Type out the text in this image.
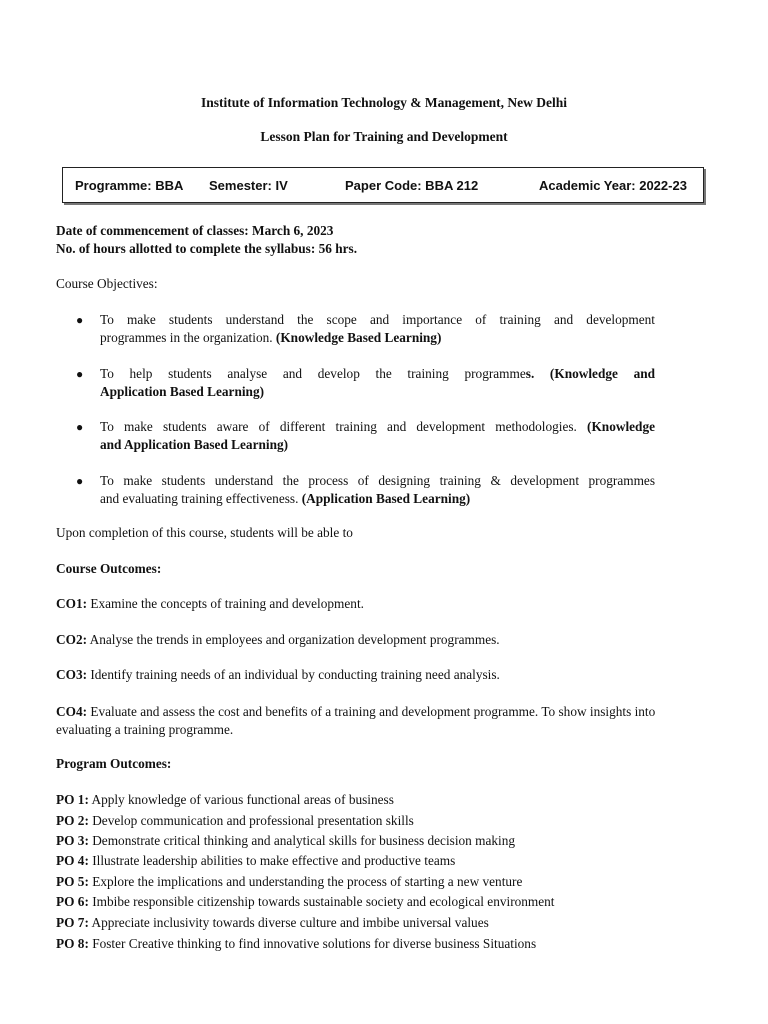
Institute of Information Technology & Management, New Delhi
Lesson Plan for Training and Development
Programme: BBA Semester: IV	Paper Code: BBA 212	Academic Year: 2022-23
Date of commencement of classes: March 6, 2023
No. of hours allotted to complete the syllabus: 56 hrs.
Course Objectives:
● To make students understand the scope and importance of training and development
programmes in the organization. (Knowledge Based Learning)
● To help students analyse and develop the training programmes. (Knowledge and
Application Based Learning)
● To make students aware of different training and development methodologies. (Knowledge
and Application Based Learning)
● To make students understand the process of designing training & development programmes
and evaluating training effectiveness. (Application Based Learning)
Upon completion of this course, students will be able to
Course Outcomes:
CO1: Examine the concepts of training and development.
CO2: Analyse the trends in employees and organization development programmes.
CO3: Identify training needs of an individual by conducting training need analysis.
CO4: Evaluate and assess the cost and benefits of a training and development programme. To show insights into evaluating a training programme.
Program Outcomes:
PO 1: Apply knowledge of various functional areas of business
PO 2: Develop communication and professional presentation skills
PO 3: Demonstrate critical thinking and analytical skills for business decision making
PO 4: Illustrate leadership abilities to make effective and productive teams
PO 5: Explore the implications and understanding the process of starting a new venture
PO 6: Imbibe responsible citizenship towards sustainable society and ecological environment
PO 7: Appreciate inclusivity towards diverse culture and imbibe universal values
PO 8: Foster Creative thinking to find innovative solutions for diverse business Situations
